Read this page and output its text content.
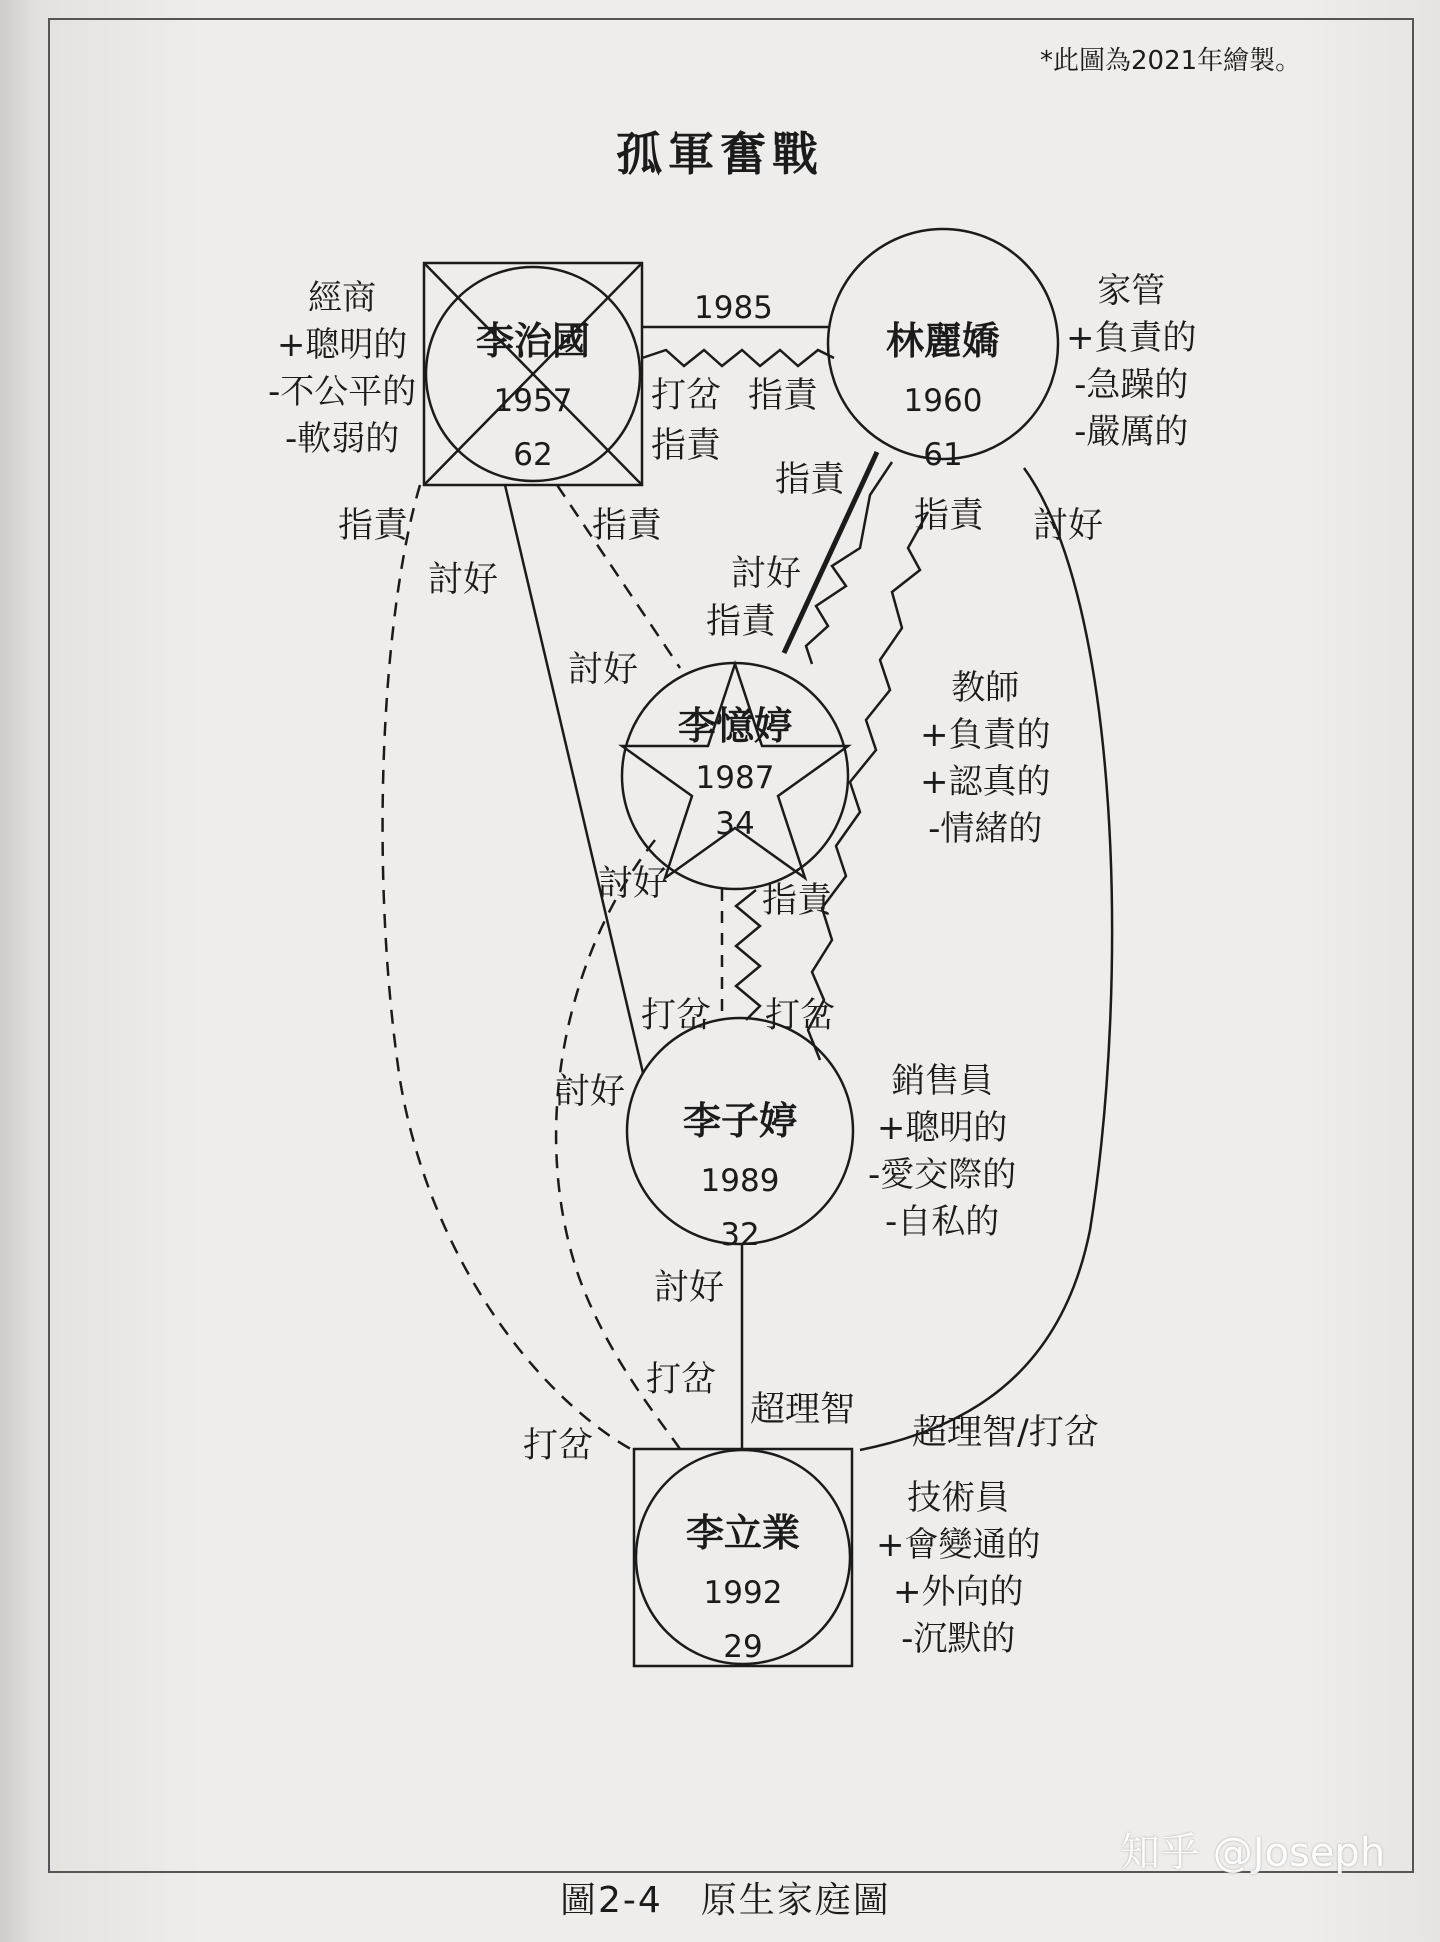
*此圖為2021年繪製。
孤軍奮戰
1985
李治國
1957
62
林麗嬌
1960
61
李憶婷
1987
34
李子婷
1989
32
李立業
1992
29
經商
+聰明的
-不公平的
-軟弱的
家管
+負責的
-急躁的
-嚴厲的
教師
+負責的
+認真的
-情緒的
銷售員
+聰明的
-愛交際的
-自私的
技術員
+會變通的
+外向的
-沉默的
打岔 指責
指責
指責
指責 討好
指責	指責
討好	討好
指責
討好
討好	指責
打岔 打岔
討好
討好
打岔
超理智
打岔	超理智/打岔
圖2-4　原生家庭圖
知乎 @Joseph
